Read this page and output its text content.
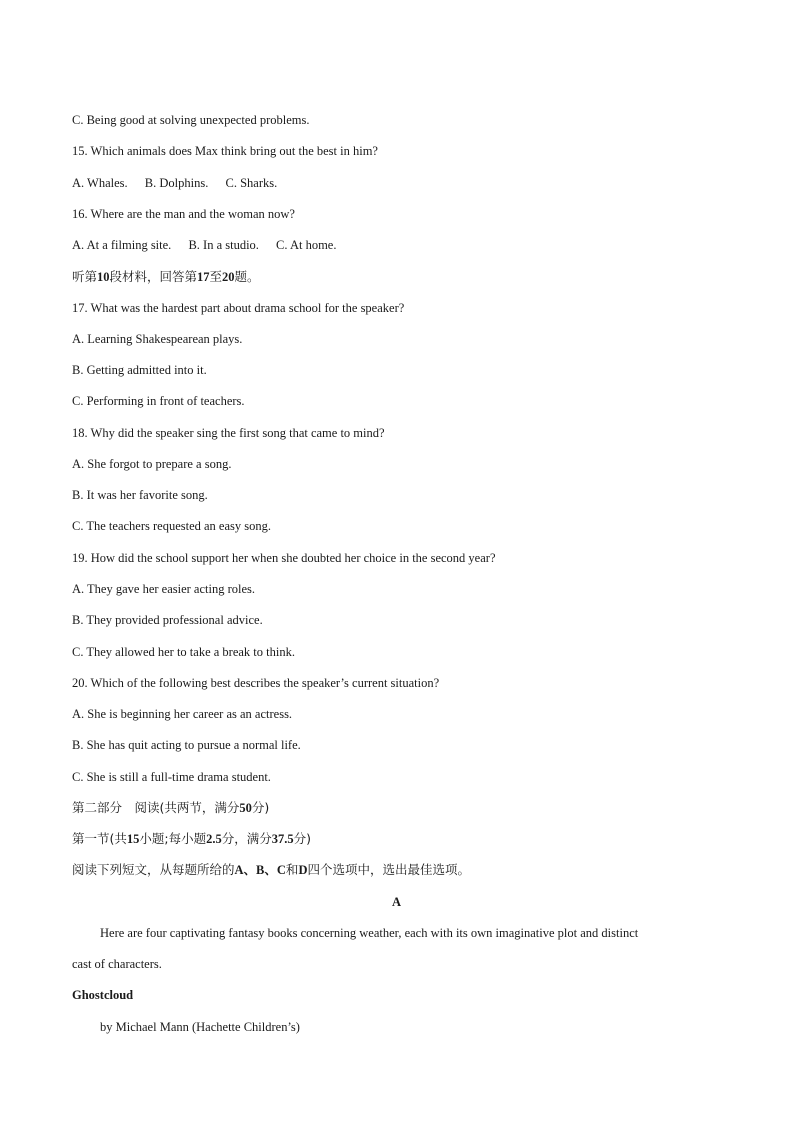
C. Being good at solving unexpected problems.
15. Which animals does Max think bring out the best in him?
A. Whales. B. Dolphins. C. Sharks.
16. Where are the man and the woman now?
A. At a filming site. B. In a studio. C. At home.
听第10段材料，回答第17至20题。
17. What was the hardest part about drama school for the speaker?
A. Learning Shakespearean plays.
B. Getting admitted into it.
C. Performing in front of teachers.
18. Why did the speaker sing the first song that came to mind?
A. She forgot to prepare a song.
B. It was her favorite song.
C. The teachers requested an easy song.
19. How did the school support her when she doubted her choice in the second year?
A. They gave her easier acting roles.
B. They provided professional advice.
C. They allowed her to take a break to think.
20. Which of the following best describes the speaker’s current situation?
A. She is beginning her career as an actress.
B. She has quit acting to pursue a normal life.
C. She is still a full-time drama student.
第二部分　阅读(共两节，满分50分)
第一节(共15小题;每小题2.5分，满分37.5分)
阅读下列短文，从每题所给的A、B、C和D四个选项中，选出最佳选项。
A
Here are four captivating fantasy books concerning weather, each with its own imaginative plot and distinct
cast of characters.
Ghostcloud
by Michael Mann (Hachette Children’s)
